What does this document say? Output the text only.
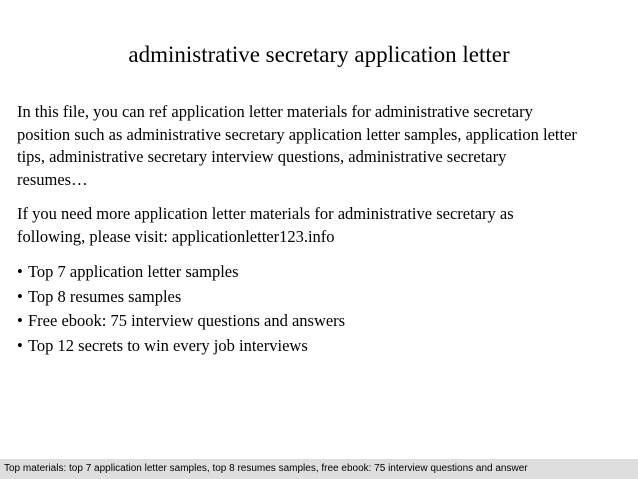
administrative secretary application letter

In this file, you can ref application letter materials for administrative secretary
position such as administrative secretary application letter samples, application letter
tips, administrative secretary interview questions, administrative secretary
resumes…

If you need more application letter materials for administrative secretary as
following, please visit: applicationletter123.info

• Top 7 application letter samples
• Top 8 resumes samples
• Free ebook: 75 interview questions and answers
• Top 12 secrets to win every job interviews
Top materials: top 7 application letter samples, top 8 resumes samples, free ebook: 75 interview questions and answer
